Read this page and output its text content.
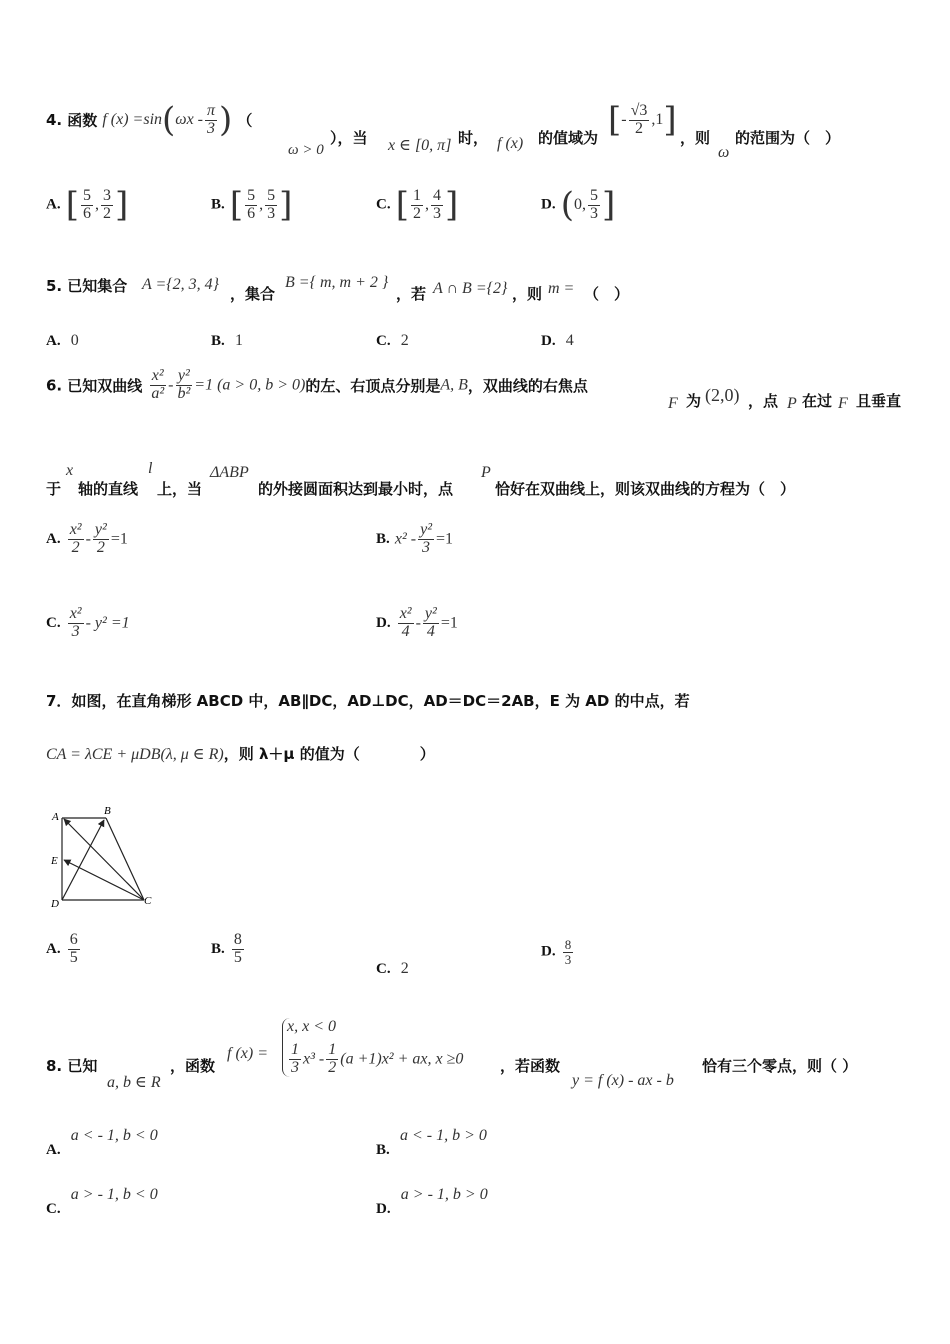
4. 函数 f $(x) =\sin(\omega x - \frac{\pi}{3}$ ) （
ω > 0
），当 x ∈ [0, π] 时， f (x) 的值域为 [- $\frac{√3}{2} ,1$] ，则
ω
的范围为（　）
A. [ $\frac{5}{6}$ , $\frac{3}{2}$ ]	B. [ $\frac{5}{6}$ , $\frac{5}{3}$ ]	C. [ $\frac{1}{2}$ , $\frac{4}{3}$ ]	D. (0, $\frac{5}{3}$ ]
5. 已知集合 A ={2, 3, 4}
，集合
B ={ m, m + 2 }
，若 A ∩ B ={2} ，则 m = （　）
A. 0	B. 1	C. 2	D. 4
6. 已知双曲线 $\frac{\text{x²}}{\text{a²}} - \frac{\text{y²}}{\text{b²}} =1$ (a > 0, b > 0)的左、右顶点分别是A, B，双曲线的右焦点
F 为 (2,0) ，点 P 在过 F 且垂直
于
x
轴的直线
l
上，当
ΔABP
的外接圆面积达到最小时，点
P
恰好在双曲线上，则该双曲线的方程为（　）
A. $\frac{\text{x²}}{2} - \frac{\text{y²}}{2} =1$	B. $x^2 - \frac{\text{y²}}{3} =1$
C. $\frac{\text{x²}}{3} - y^2 =1$	D. $\frac{\text{x²}}{4} - \frac{\text{y²}}{4} =1$
7．如图，在直角梯形 ABCD 中，AB∥DC，AD⊥DC，AD＝DC＝2AB，E 为 AD 的中点，若
CA = λCE + μDB(λ, μ ∈ R)，则 λ＋μ 的值为（　　　　）
A	B
E
D	C
A. $\frac{6}{5}$	B. $\frac{8}{5}$
C. 2
D. $\frac{8}{3}$
8. 已知
a, b ∈ R
，函数
f (x) =
x, x < 0
$\frac{1}{3} x^3 - \frac{1}{2} (a +1)x^2$ + ax, x ≥0 ，若函数
y = f (x) - ax - b
恰有三个零点，则（ ）
A.  a < - 1, b < 0
B.  a < - 1, b > 0
C.  a > - 1, b < 0
D.  a > - 1, b > 0
